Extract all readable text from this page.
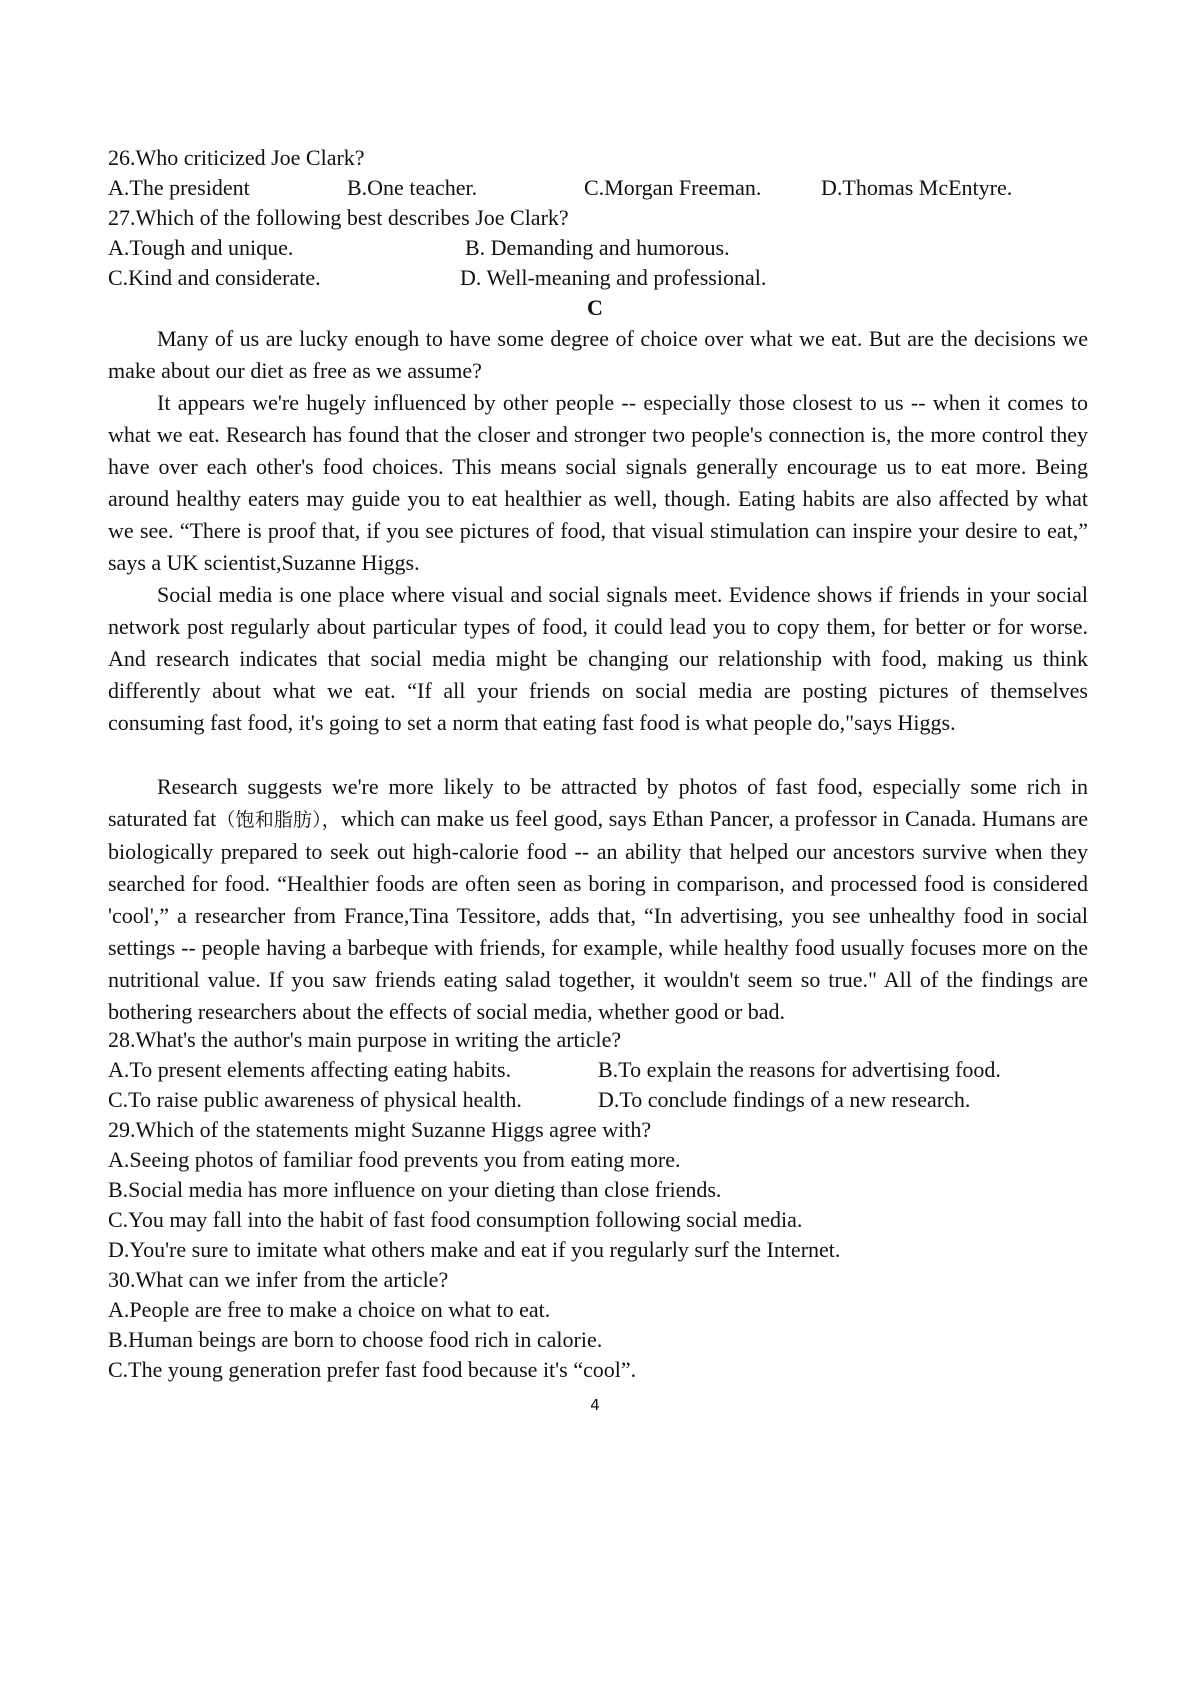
26.Who criticized Joe Clark?
A.The president	B.One teacher.	C.Morgan Freeman.	D.Thomas McEntyre.
27.Which of the following best describes Joe Clark?
A.Tough and unique.	B. Demanding and humorous.
C.Kind and considerate.	D. Well-meaning and professional.
C
Many of us are lucky enough to have some degree of choice over what we eat. But are the decisions we make about our diet as free as we assume?
It appears we're hugely influenced by other people -- especially those closest to us -- when it comes to what we eat. Research has found that the closer and stronger two people's connection is, the more control they have over each other's food choices. This means social signals generally encourage us to eat more. Being around healthy eaters may guide you to eat healthier as well, though. Eating habits are also affected by what we see. “There is proof that, if you see pictures of food, that visual stimulation can inspire your desire to eat,” says a UK scientist,Suzanne Higgs.
Social media is one place where visual and social signals meet. Evidence shows if friends in your social network post regularly about particular types of food, it could lead you to copy them, for better or for worse. And research indicates that social media might be changing our relationship with food, making us think differently about what we eat. “If all your friends on social media are posting pictures of themselves consuming fast food, it's going to set a norm that eating fast food is what people do,"says Higgs.
Research suggests we're more likely to be attracted by photos of fast food, especially some rich in saturated fat（饱和脂肪），which can make us feel good, says Ethan Pancer, a professor in Canada. Humans are biologically prepared to seek out high-calorie food -- an ability that helped our ancestors survive when they searched for food. “Healthier foods are often seen as boring in comparison, and processed food is considered 'cool',” a researcher from France,Tina Tessitore, adds that, “In advertising, you see unhealthy food in social settings -- people having a barbeque with friends, for example, while healthy food usually focuses more on the nutritional value. If you saw friends eating salad together, it wouldn't seem so true." All of the findings are bothering researchers about the effects of social media, whether good or bad.
28.What's the author's main purpose in writing the article?
A.To present elements affecting eating habits.	B.To explain the reasons for advertising food.
C.To raise public awareness of physical health.	D.To conclude findings of a new research.
29.Which of the statements might Suzanne Higgs agree with?
A.Seeing photos of familiar food prevents you from eating more.
B.Social media has more influence on your dieting than close friends.
C.You may fall into the habit of fast food consumption following social media.
D.You're sure to imitate what others make and eat if you regularly surf the Internet.
30.What can we infer from the article?
A.People are free to make a choice on what to eat.
B.Human beings are born to choose food rich in calorie.
C.The young generation prefer fast food because it's “cool”.
4
